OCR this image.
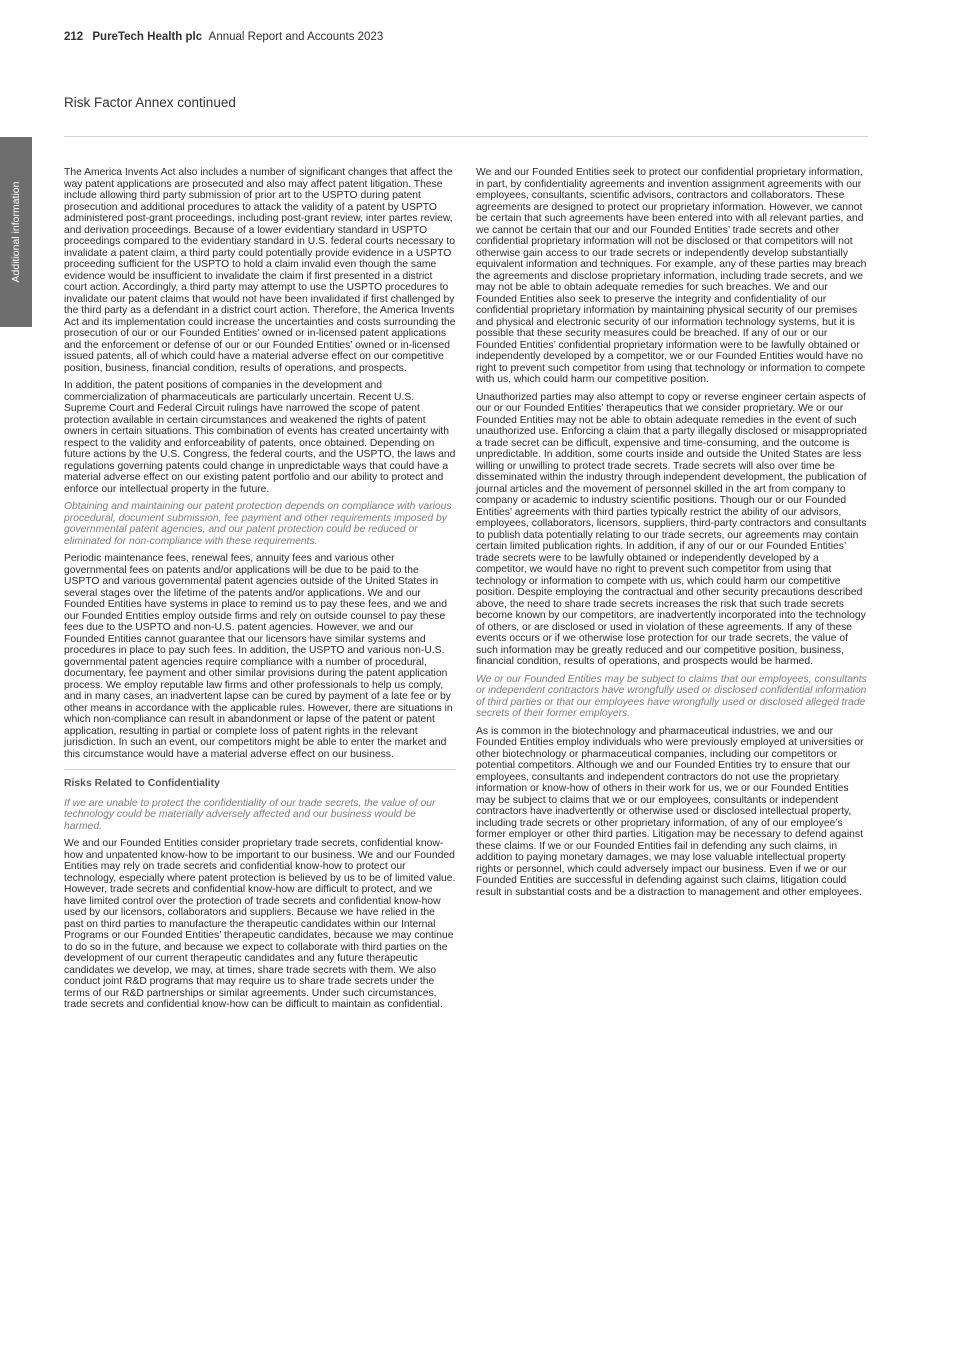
212 PureTech Health plc Annual Report and Accounts 2023
Risk Factor Annex continued
Additional information

The America Invents Act also includes a number of significant changes that affect the way patent applications are prosecuted and also may affect patent litigation. These include allowing third party submission of prior art to the USPTO during patent prosecution and additional procedures to attack the validity of a patent by USPTO administered post-grant proceedings, including post-grant review, inter partes review, and derivation proceedings. Because of a lower evidentiary standard in USPTO proceedings compared to the evidentiary standard in U.S. federal courts necessary to invalidate a patent claim, a third party could potentially provide evidence in a USPTO proceeding sufficient for the USPTO to hold a claim invalid even though the same evidence would be insufficient to invalidate the claim if first presented in a district court action. Accordingly, a third party may attempt to use the USPTO procedures to invalidate our patent claims that would not have been invalidated if first challenged by the third party as a defendant in a district court action. Therefore, the America Invents Act and its implementation could increase the uncertainties and costs surrounding the prosecution of our or our Founded Entities’ owned or in-licensed patent applications and the enforcement or defense of our or our Founded Entities’ owned or in-licensed issued patents, all of which could have a material adverse effect on our competitive position, business, financial condition, results of operations, and prospects.

In addition, the patent positions of companies in the development and commercialization of pharmaceuticals are particularly uncertain. Recent U.S. Supreme Court and Federal Circuit rulings have narrowed the scope of patent protection available in certain circumstances and weakened the rights of patent owners in certain situations. This combination of events has created uncertainty with respect to the validity and enforceability of patents, once obtained. Depending on future actions by the U.S. Congress, the federal courts, and the USPTO, the laws and regulations governing patents could change in unpredictable ways that could have a material adverse effect on our existing patent portfolio and our ability to protect and enforce our intellectual property in the future.

Obtaining and maintaining our patent protection depends on compliance with various procedural, document submission, fee payment and other requirements imposed by governmental patent agencies, and our patent protection could be reduced or eliminated for non-compliance with these requirements.

Periodic maintenance fees, renewal fees, annuity fees and various other governmental fees on patents and/or applications will be due to be paid to the USPTO and various governmental patent agencies outside of the United States in several stages over the lifetime of the patents and/or applications. We and our Founded Entities have systems in place to remind us to pay these fees, and we and our Founded Entities employ outside firms and rely on outside counsel to pay these fees due to the USPTO and non-U.S. patent agencies. However, we and our Founded Entities cannot guarantee that our licensors have similar systems and procedures in place to pay such fees. In addition, the USPTO and various non-U.S. governmental patent agencies require compliance with a number of procedural, documentary, fee payment and other similar provisions during the patent application process. We employ reputable law firms and other professionals to help us comply, and in many cases, an inadvertent lapse can be cured by payment of a late fee or by other means in accordance with the applicable rules. However, there are situations in which non-compliance can result in abandonment or lapse of the patent or patent application, resulting in partial or complete loss of patent rights in the relevant jurisdiction. In such an event, our competitors might be able to enter the market and this circumstance would have a material adverse effect on our business.

Risks Related to Confidentiality

If we are unable to protect the confidentiality of our trade secrets, the value of our technology could be materially adversely affected and our business would be harmed.

We and our Founded Entities consider proprietary trade secrets, confidential know-how and unpatented know-how to be important to our business. We and our Founded Entities may rely on trade secrets and confidential know-how to protect our technology, especially where patent protection is believed by us to be of limited value. However, trade secrets and confidential know-how are difficult to protect, and we have limited control over the protection of trade secrets and confidential know-how used by our licensors, collaborators and suppliers. Because we have relied in the past on third parties to manufacture the therapeutic candidates within our Internal Programs or our Founded Entities’ therapeutic candidates, because we may continue to do so in the future, and because we expect to collaborate with third parties on the development of our current therapeutic candidates and any future therapeutic candidates we develop, we may, at times, share trade secrets with them. We also conduct joint R&D programs that may require us to share trade secrets under the terms of our R&D partnerships or similar agreements. Under such circumstances, trade secrets and confidential know-how can be difficult to maintain as confidential.

We and our Founded Entities seek to protect our confidential proprietary information, in part, by confidentiality agreements and invention assignment agreements with our employees, consultants, scientific advisors, contractors and collaborators. These agreements are designed to protect our proprietary information. However, we cannot be certain that such agreements have been entered into with all relevant parties, and we cannot be certain that our and our Founded Entities’ trade secrets and other confidential proprietary information will not be disclosed or that competitors will not otherwise gain access to our trade secrets or independently develop substantially equivalent information and techniques. For example, any of these parties may breach the agreements and disclose proprietary information, including trade secrets, and we may not be able to obtain adequate remedies for such breaches. We and our Founded Entities also seek to preserve the integrity and confidentiality of our confidential proprietary information by maintaining physical security of our premises and physical and electronic security of our information technology systems, but it is possible that these security measures could be breached. If any of our or our Founded Entities’ confidential proprietary information were to be lawfully obtained or independently developed by a competitor, we or our Founded Entities would have no right to prevent such competitor from using that technology or information to compete with us, which could harm our competitive position.

Unauthorized parties may also attempt to copy or reverse engineer certain aspects of our or our Founded Entities’ therapeutics that we consider proprietary. We or our Founded Entities may not be able to obtain adequate remedies in the event of such unauthorized use. Enforcing a claim that a party illegally disclosed or misappropriated a trade secret can be difficult, expensive and time-consuming, and the outcome is unpredictable. In addition, some courts inside and outside the United States are less willing or unwilling to protect trade secrets. Trade secrets will also over time be disseminated within the industry through independent development, the publication of journal articles and the movement of personnel skilled in the art from company to company or academic to industry scientific positions. Though our or our Founded Entities’ agreements with third parties typically restrict the ability of our advisors, employees, collaborators, licensors, suppliers, third-party contractors and consultants to publish data potentially relating to our trade secrets, our agreements may contain certain limited publication rights. In addition, if any of our or our Founded Entities’ trade secrets were to be lawfully obtained or independently developed by a competitor, we would have no right to prevent such competitor from using that technology or information to compete with us, which could harm our competitive position. Despite employing the contractual and other security precautions described above, the need to share trade secrets increases the risk that such trade secrets become known by our competitors, are inadvertently incorporated into the technology of others, or are disclosed or used in violation of these agreements. If any of these events occurs or if we otherwise lose protection for our trade secrets, the value of such information may be greatly reduced and our competitive position, business, financial condition, results of operations, and prospects would be harmed.

We or our Founded Entities may be subject to claims that our employees, consultants or independent contractors have wrongfully used or disclosed confidential information of third parties or that our employees have wrongfully used or disclosed alleged trade secrets of their former employers.

As is common in the biotechnology and pharmaceutical industries, we and our Founded Entities employ individuals who were previously employed at universities or other biotechnology or pharmaceutical companies, including our competitors or potential competitors. Although we and our Founded Entities try to ensure that our employees, consultants and independent contractors do not use the proprietary information or know-how of others in their work for us, we or our Founded Entities may be subject to claims that we or our employees, consultants or independent contractors have inadvertently or otherwise used or disclosed intellectual property, including trade secrets or other proprietary information, of any of our employee’s former employer or other third parties. Litigation may be necessary to defend against these claims. If we or our Founded Entities fail in defending any such claims, in addition to paying monetary damages, we may lose valuable intellectual property rights or personnel, which could adversely impact our business. Even if we or our Founded Entities are successful in defending against such claims, litigation could result in substantial costs and be a distraction to management and other employees.
